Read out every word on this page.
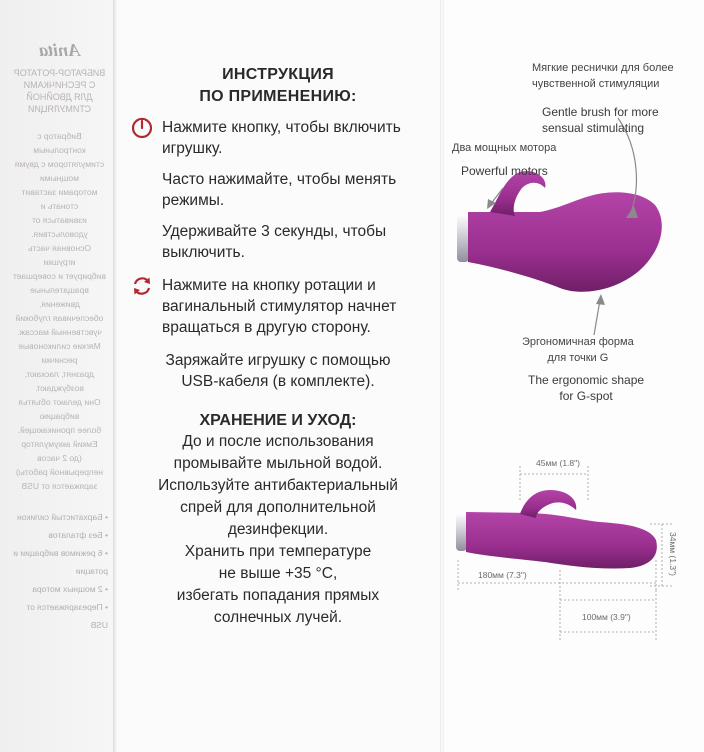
Anita
ВИБРАТОР-РОТАТОР
С РЕСНИЧКАМИ
ДЛЯ ДВОЙНОЙ СТИМУЛЯЦИИ
Вибратор с контрольным
стимулятором с двумя мощными
моторами заставит стонать и
извиваться от удовольствия.
Основная часть игрушки
вибрирует и совершает
вращательные движения,
обеспечивая глубокий
чувственный массаж.
Мягкие силиконовые реснички
дразнят, ласкают, возбуждают.
Они делают объятья вибрацию
более проникающей.
Емкий аккумулятор
(до 2 часов непрерывной работы)
заряжается от USB
• Бархатистый силикон
• Без фталатов
• 6 режимов вибрации и ротации
• 2 мощных мотора
• Перезаряжается от USB
ИНСТРУКЦИЯ
ПО ПРИМЕНЕНИЮ:
Нажмите кнопку, чтобы включить игрушку.
Часто нажимайте, чтобы менять режимы.
Удерживайте 3 секунды, чтобы выключить.
Нажмите на кнопку ротации и вагинальный стимулятор начнет вращаться в другую сторону.
Заряжайте игрушку с помощью USB-кабеля (в комплекте).
ХРАНЕНИЕ И УХОД:
До и после использования
промывайте мыльной водой.
Используйте антибактериальный
спрей для дополнительной
дезинфекции.
Хранить при температуре
не выше +35 °С,
избегать попадания прямых
солнечных лучей.
Мягкие реснички для более
чувственной стимуляции
Gentle brush for more
sensual stimulating
Два мощных мотора
Powerful motors
Эргономичная форма
для точки G
The ergonomic shape
for G-spot
45мм (1.8")
34мм (1.3")
180мм (7.3")
100мм (3.9")
